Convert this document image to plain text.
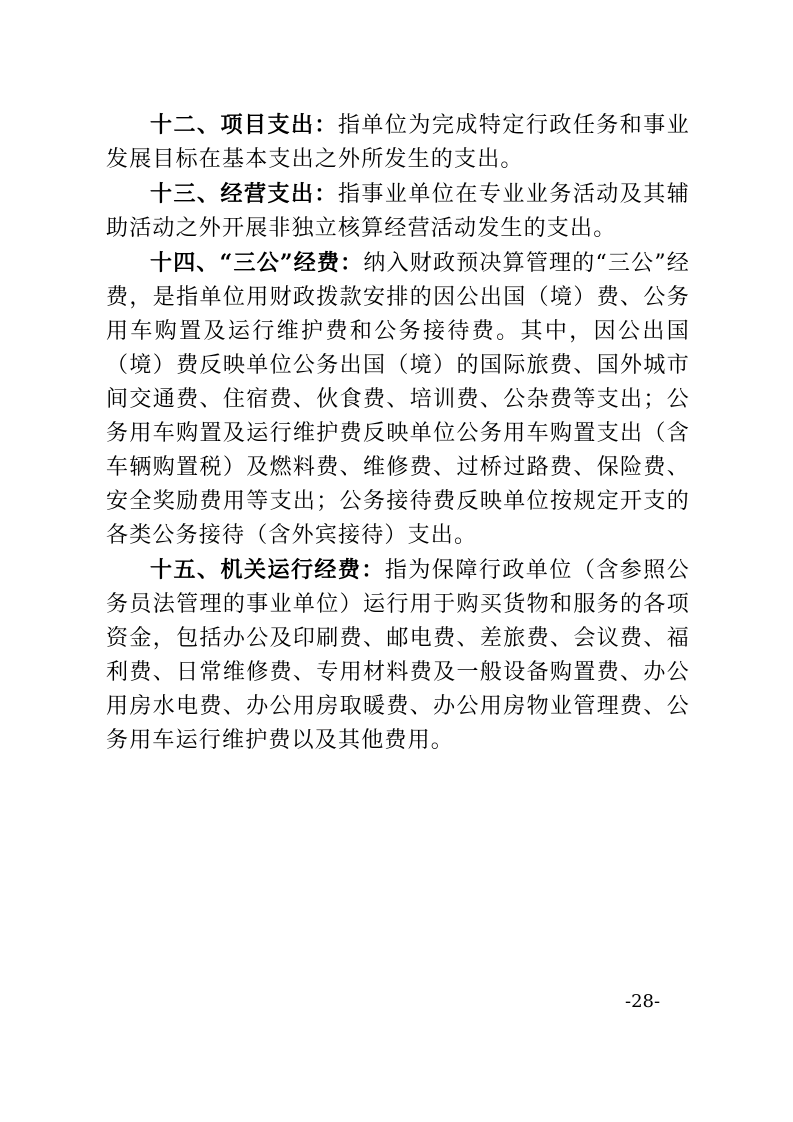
十二、项目支出：指单位为完成特定行政任务和事业发展目标在基本支出之外所发生的支出。

十三、经营支出：指事业单位在专业业务活动及其辅助活动之外开展非独立核算经营活动发生的支出。

十四、“三公”经费：纳入财政预决算管理的“三公”经费，是指单位用财政拨款安排的因公出国（境）费、公务用车购置及运行维护费和公务接待费。其中，因公出国（境）费反映单位公务出国（境）的国际旅费、国外城市间交通费、住宿费、伙食费、培训费、公杂费等支出；公务用车购置及运行维护费反映单位公务用车购置支出（含车辆购置税）及燃料费、维修费、过桥过路费、保险费、安全奖励费用等支出；公务接待费反映单位按规定开支的各类公务接待（含外宾接待）支出。

十五、机关运行经费：指为保障行政单位（含参照公务员法管理的事业单位）运行用于购买货物和服务的各项资金，包括办公及印刷费、邮电费、差旅费、会议费、福利费、日常维修费、专用材料费及一般设备购置费、办公用房水电费、办公用房取暖费、办公用房物业管理费、公务用车运行维护费以及其他费用。

-28-
